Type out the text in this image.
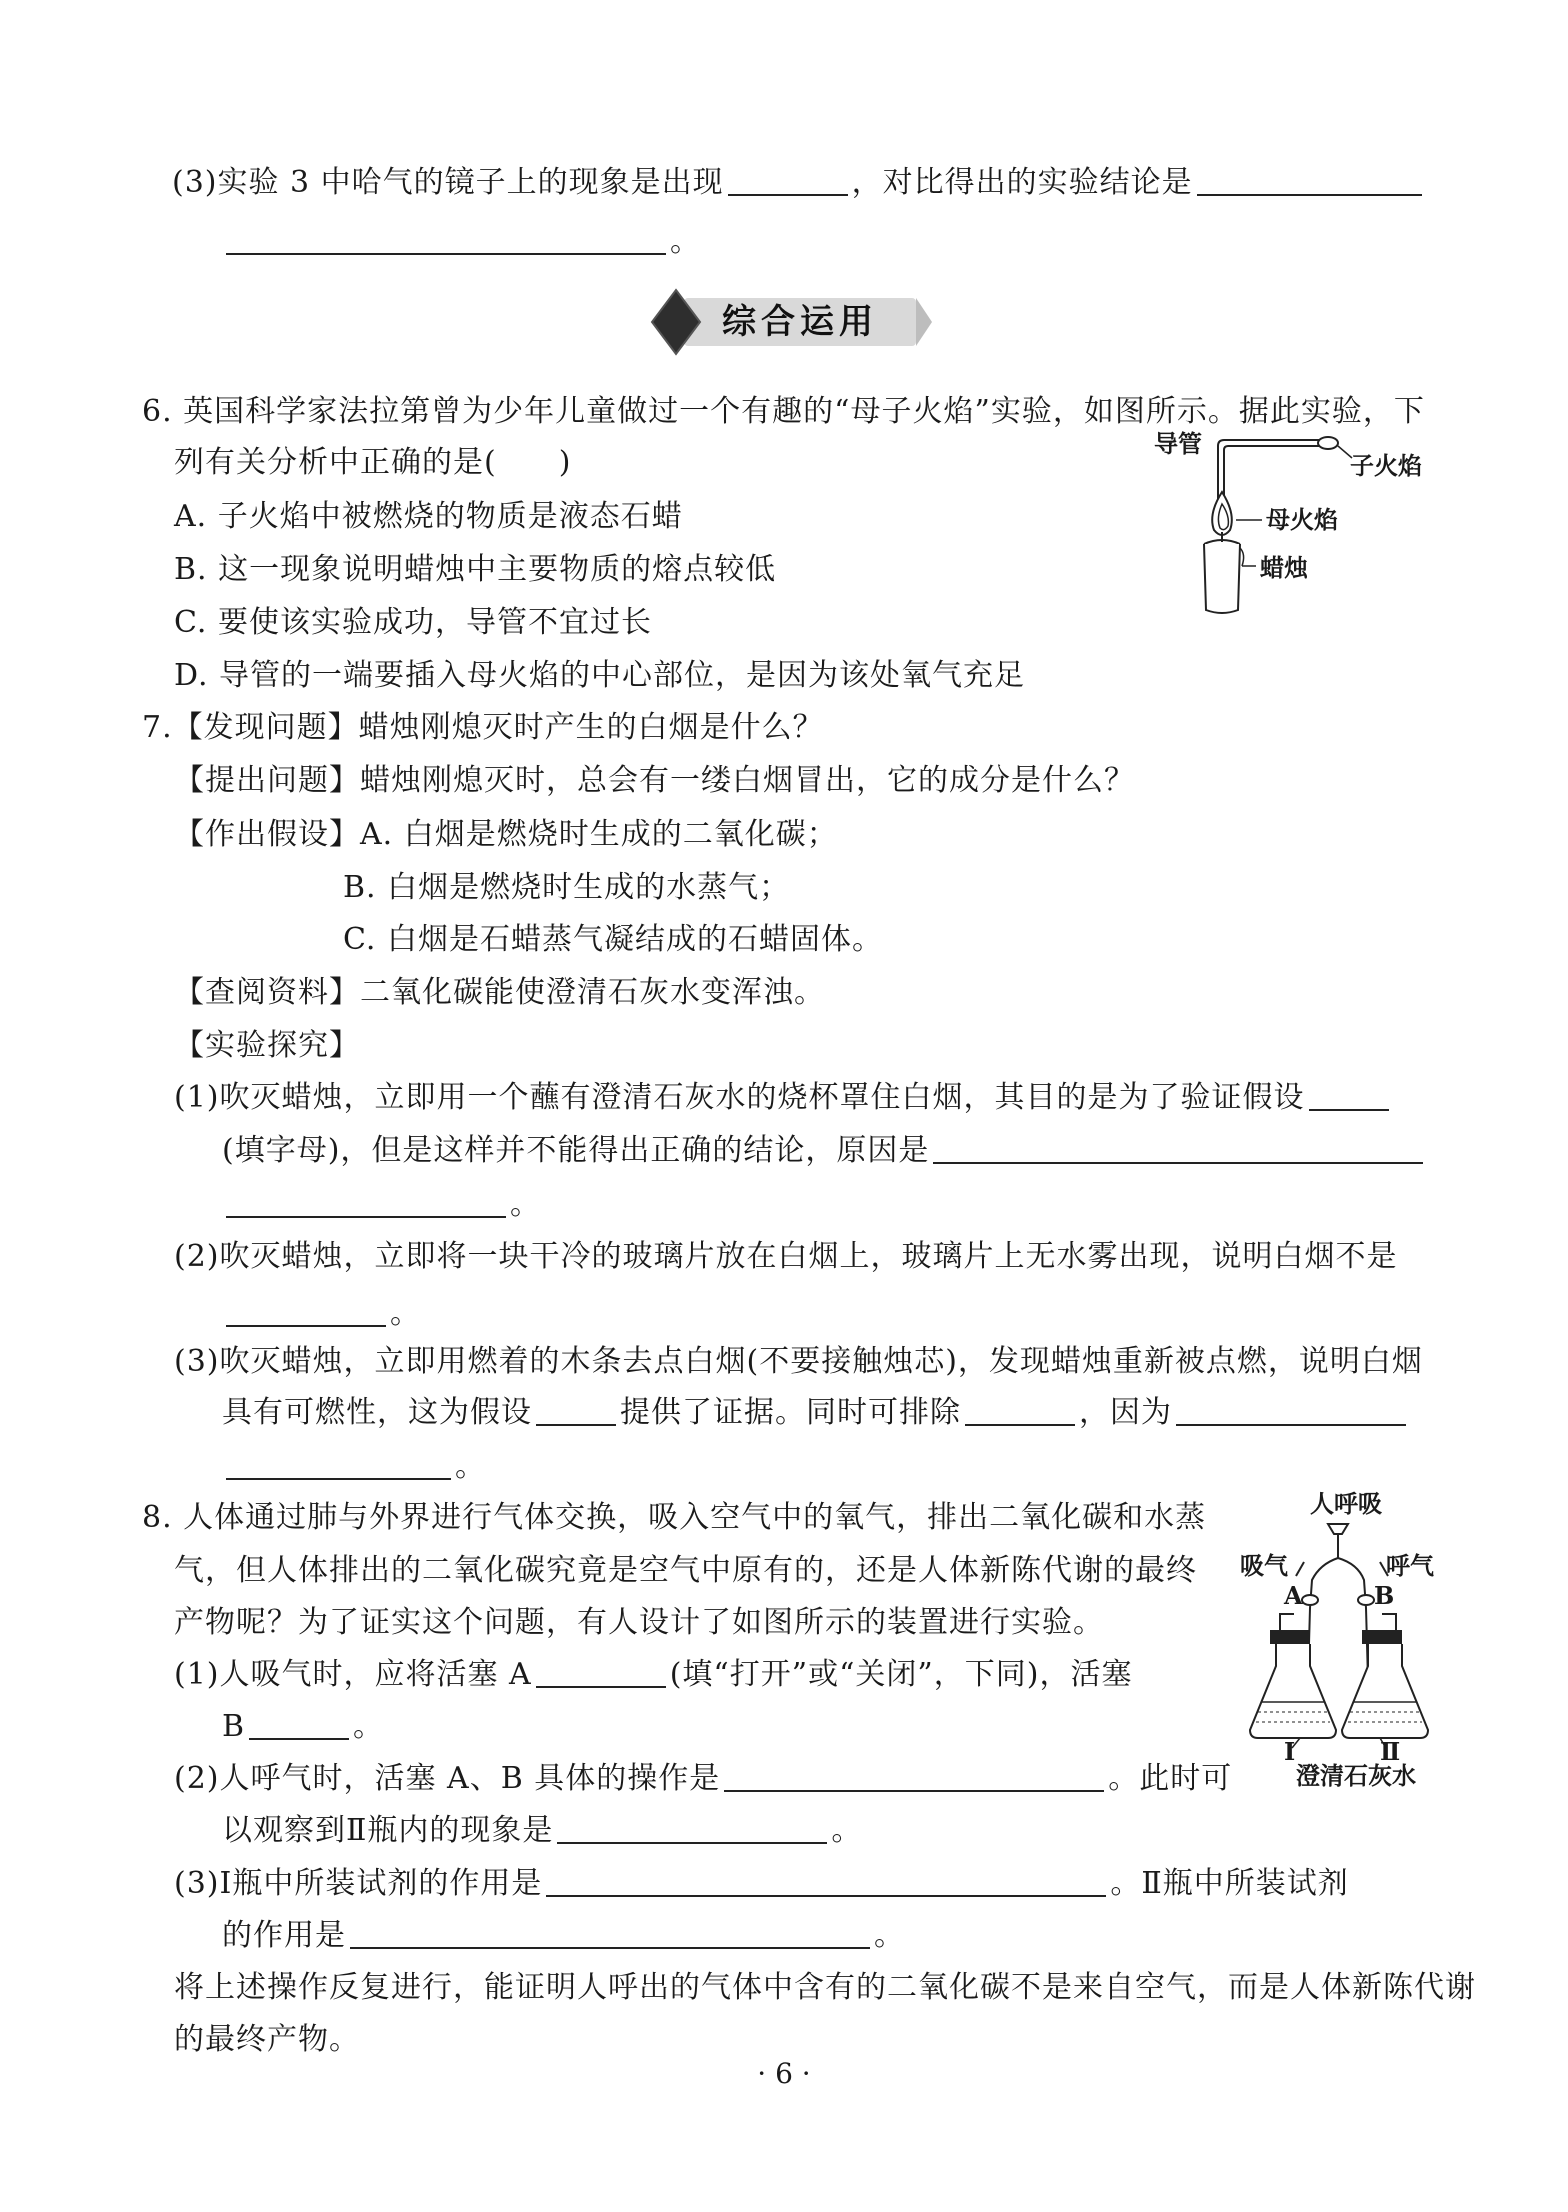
(3)实验 3 中哈气的镜子上的现象是出现	，对比得出的实验结论是
。
综合运用
6. 英国科学家法拉第曾为少年儿童做过一个有趣的“母子火焰”实验，如图所示。据此实验，下
列有关分析中正确的是(　　)
A. 子火焰中被燃烧的物质是液态石蜡
B. 这一现象说明蜡烛中主要物质的熔点较低
C. 要使该实验成功，导管不宜过长
D. 导管的一端要插入母火焰的中心部位，是因为该处氧气充足
导管
子火焰
母火焰
蜡烛
7.【发现问题】蜡烛刚熄灭时产生的白烟是什么？
【提出问题】蜡烛刚熄灭时，总会有一缕白烟冒出，它的成分是什么？
【作出假设】A. 白烟是燃烧时生成的二氧化碳；
B. 白烟是燃烧时生成的水蒸气；
C. 白烟是石蜡蒸气凝结成的石蜡固体。
【查阅资料】二氧化碳能使澄清石灰水变浑浊。
【实验探究】
(1)吹灭蜡烛，立即用一个蘸有澄清石灰水的烧杯罩住白烟，其目的是为了验证假设
(填字母)，但是这样并不能得出正确的结论，原因是
。
(2)吹灭蜡烛，立即将一块干冷的玻璃片放在白烟上，玻璃片上无水雾出现，说明白烟不是
。
(3)吹灭蜡烛，立即用燃着的木条去点白烟(不要接触烛芯)，发现蜡烛重新被点燃，说明白烟
具有可燃性，这为假设	提供了证据。同时可排除	，因为
。
8. 人体通过肺与外界进行气体交换，吸入空气中的氧气，排出二氧化碳和水蒸
气，但人体排出的二氧化碳究竟是空气中原有的，还是人体新陈代谢的最终
产物呢？为了证实这个问题，有人设计了如图所示的装置进行实验。
(1)人吸气时，应将活塞 A	(填“打开”或“关闭”，下同)，活塞
B	。
(2)人呼气时，活塞 A、B 具体的操作是	。此时可
以观察到Ⅱ瓶内的现象是	。
(3)Ⅰ瓶中所装试剂的作用是	。Ⅱ瓶中所装试剂
的作用是	。
将上述操作反复进行，能证明人呼出的气体中含有的二氧化碳不是来自空气，而是人体新陈代谢
的最终产物。
人呼吸
吸气	呼气
A	B
Ⅰ	Ⅱ
澄清石灰水
· 6 ·
